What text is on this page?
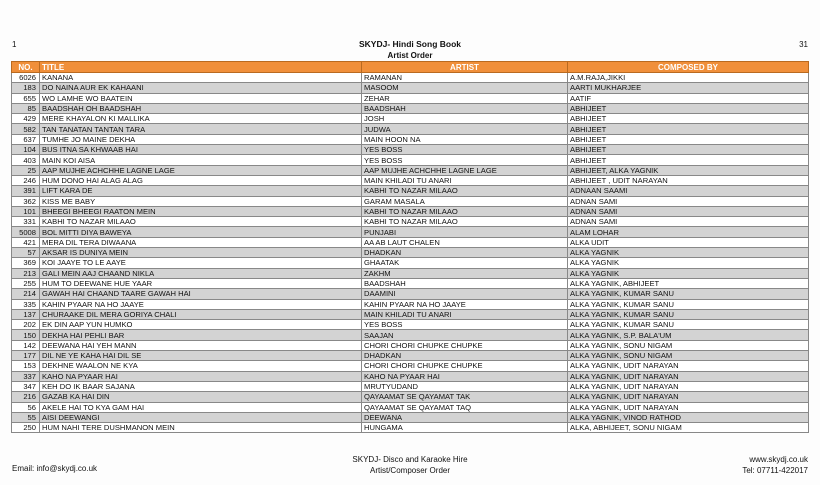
1	SKYDJ- Hindi Song Book	31
Artist Order
NO.	TITLE	ARTIST	COMPOSED BY
6026	KANANA	RAMANAN	A.M.RAJA,JIKKI
183	DO NAINA AUR EK KAHAANI	MASOOM	AARTI MUKHARJEE
655	WO LAMHE WO BAATEIN	ZEHAR	AATIF
85	BAADSHAH OH BAADSHAH	BAADSHAH	ABHIJEET
429	MERE KHAYALON KI MALLIKA	JOSH	ABHIJEET
582	TAN TANATAN TANTAN TARA	JUDWA	ABHIJEET
637	TUMHE JO MAINE DEKHA	MAIN HOON NA	ABHIJEET
104	BUS ITNA SA KHWAAB HAI	YES BOSS	ABHIJEET
403	MAIN KOI AISA	YES BOSS	ABHIJEET
25	AAP MUJHE ACHCHHE LAGNE LAGE	AAP MUJHE ACHCHHE LAGNE LAGE	ABHIJEET, ALKA YAGNIK
246	HUM DONO HAI ALAG ALAG	MAIN KHILADI TU ANARI	ABHIJEET , UDIT NARAYAN
391	LIFT KARA DE	KABHI TO NAZAR MILAAO	ADNAAN SAAMI
362	KISS ME BABY	GARAM MASALA	ADNAN SAMI
101	BHEEGI BHEEGI RAATON MEIN	KABHI TO NAZAR MILAAO	ADNAN SAMI
331	KABHI TO NAZAR MILAAO	KABHI TO NAZAR MILAAO	ADNAN SAMI
5008	BOL MITTI DIYA BAWEYA	PUNJABI	ALAM LOHAR
421	MERA DIL TERA DIWAANA	AA AB LAUT CHALEN	ALKA UDIT
57	AKSAR IS DUNIYA MEIN	DHADKAN	ALKA YAGNIK
369	KOI JAAYE TO LE AAYE	GHAATAK	ALKA YAGNIK
213	GALI MEIN AAJ CHAAND NIKLA	ZAKHM	ALKA YAGNIK
255	HUM TO DEEWANE HUE YAAR	BAADSHAH	ALKA YAGNIK, ABHIJEET
214	GAWAH HAI CHAAND TAARE GAWAH HAI	DAAMINI	ALKA YAGNIK, KUMAR SANU
335	KAHIN PYAAR NA HO JAAYE	KAHIN PYAAR NA HO JAAYE	ALKA YAGNIK, KUMAR SANU
137	CHURAAKE DIL MERA GORIYA CHALI	MAIN KHILADI TU ANARI	ALKA YAGNIK, KUMAR SANU
202	EK DIN AAP YUN HUMKO	YES BOSS	ALKA YAGNIK, KUMAR SANU
150	DEKHA HAI PEHLI BAR	SAAJAN	ALKA YAGNIK, S.P. BALA'UM
142	DEEWANA HAI YEH MANN	CHORI CHORI CHUPKE CHUPKE	ALKA YAGNIK, SONU NIGAM
177	DIL NE YE KAHA HAI DIL SE	DHADKAN	ALKA YAGNIK, SONU NIGAM
153	DEKHNE WAALON NE KYA	CHORI CHORI CHUPKE CHUPKE	ALKA YAGNIK, UDIT NARAYAN
337	KAHO NA PYAAR HAI	KAHO NA PYAAR HAI	ALKA YAGNIK, UDIT NARAYAN
347	KEH DO IK BAAR SAJANA	MRUTYUDAND	ALKA YAGNIK, UDIT NARAYAN
216	GAZAB KA HAI DIN	QAYAAMAT SE QAYAMAT TAK	ALKA YAGNIK, UDIT NARAYAN
56	AKELE HAI TO KYA GAM HAI	QAYAAMAT SE QAYAMAT TAQ	ALKA YAGNIK, UDIT NARAYAN
55	AISI DEEWANGI	DEEWANA	ALKA YAGNIK, VINOD RATHOD
250	HUM NAHI TERE DUSHMANON MEIN	HUNGAMA	ALKA, ABHIJEET, SONU NIGAM
Email: info@skydj.co.uk
SKYDJ- Disco and Karaoke Hire
Artist/Composer Order
www.skydj.co.uk
Tel: 07711-422017
